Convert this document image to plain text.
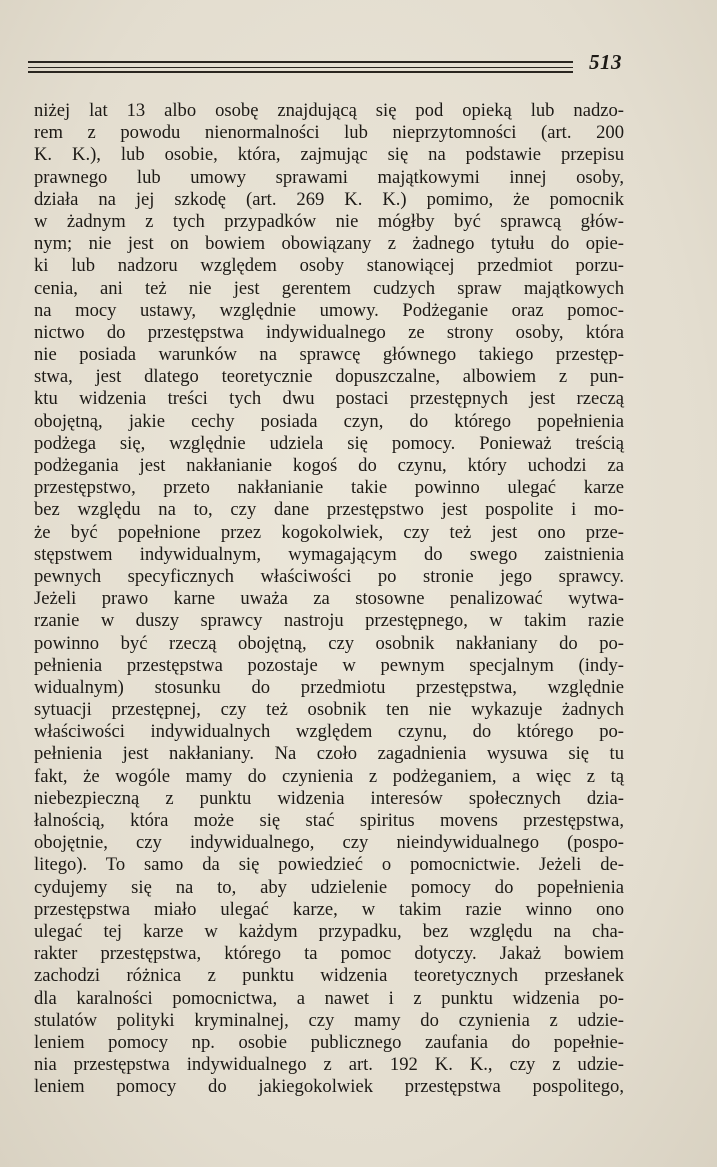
513
niżej lat 13 albo osobę znajdującą się pod opieką lub nadzo-
rem z powodu nienormalności lub nieprzytomności (art. 200
K. K.), lub osobie, która, zajmując się na podstawie przepisu
prawnego lub umowy sprawami majątkowymi innej osoby,
działa na jej szkodę (art. 269 K. K.) pomimo, że pomocnik
w żadnym z tych przypadków nie mógłby być sprawcą głów-
nym; nie jest on bowiem obowiązany z żadnego tytułu do opie-
ki lub nadzoru względem osoby stanowiącej przedmiot porzu-
cenia, ani też nie jest gerentem cudzych spraw majątkowych
na mocy ustawy, względnie umowy. Podżeganie oraz pomoc-
nictwo do przestępstwa indywidualnego ze strony osoby, która
nie posiada warunków na sprawcę głównego takiego przestęp-
stwa, jest dlatego teoretycznie dopuszczalne, albowiem z pun-
ktu widzenia treści tych dwu postaci przestępnych jest rzeczą
obojętną, jakie cechy posiada czyn, do którego popełnienia
podżega się, względnie udziela się pomocy. Ponieważ treścią
podżegania jest nakłanianie kogoś do czynu, który uchodzi za
przestępstwo, przeto nakłanianie takie powinno ulegać karze
bez względu na to, czy dane przestępstwo jest pospolite i mo-
że być popełnione przez kogokolwiek, czy też jest ono prze-
stępstwem indywidualnym, wymagającym do swego zaistnienia
pewnych specyficznych właściwości po stronie jego sprawcy.
Jeżeli prawo karne uważa za stosowne penalizować wytwa-
rzanie w duszy sprawcy nastroju przestępnego, w takim razie
powinno być rzeczą obojętną, czy osobnik nakłaniany do po-
pełnienia przestępstwa pozostaje w pewnym specjalnym (indy-
widualnym) stosunku do przedmiotu przestępstwa, względnie
sytuacji przestępnej, czy też osobnik ten nie wykazuje żadnych
właściwości indywidualnych względem czynu, do którego po-
pełnienia jest nakłaniany. Na czoło zagadnienia wysuwa się tu
fakt, że wogóle mamy do czynienia z podżeganiem, a więc z tą
niebezpieczną z punktu widzenia interesów społecznych dzia-
łalnością, która może się stać spiritus movens przestępstwa,
obojętnie, czy indywidualnego, czy nieindywidualnego (pospo-
litego). To samo da się powiedzieć o pomocnictwie. Jeżeli de-
cydujemy się na to, aby udzielenie pomocy do popełnienia
przestępstwa miało ulegać karze, w takim razie winno ono
ulegać tej karze w każdym przypadku, bez względu na cha-
rakter przestępstwa, którego ta pomoc dotyczy. Jakaż bowiem
zachodzi różnica z punktu widzenia teoretycznych przesłanek
dla karalności pomocnictwa, a nawet i z punktu widzenia po-
stulatów polityki kryminalnej, czy mamy do czynienia z udzie-
leniem pomocy np. osobie publicznego zaufania do popełnie-
nia przestępstwa indywidualnego z art. 192 K. K., czy z udzie-
leniem pomocy do jakiegokolwiek przestępstwa pospolitego,
